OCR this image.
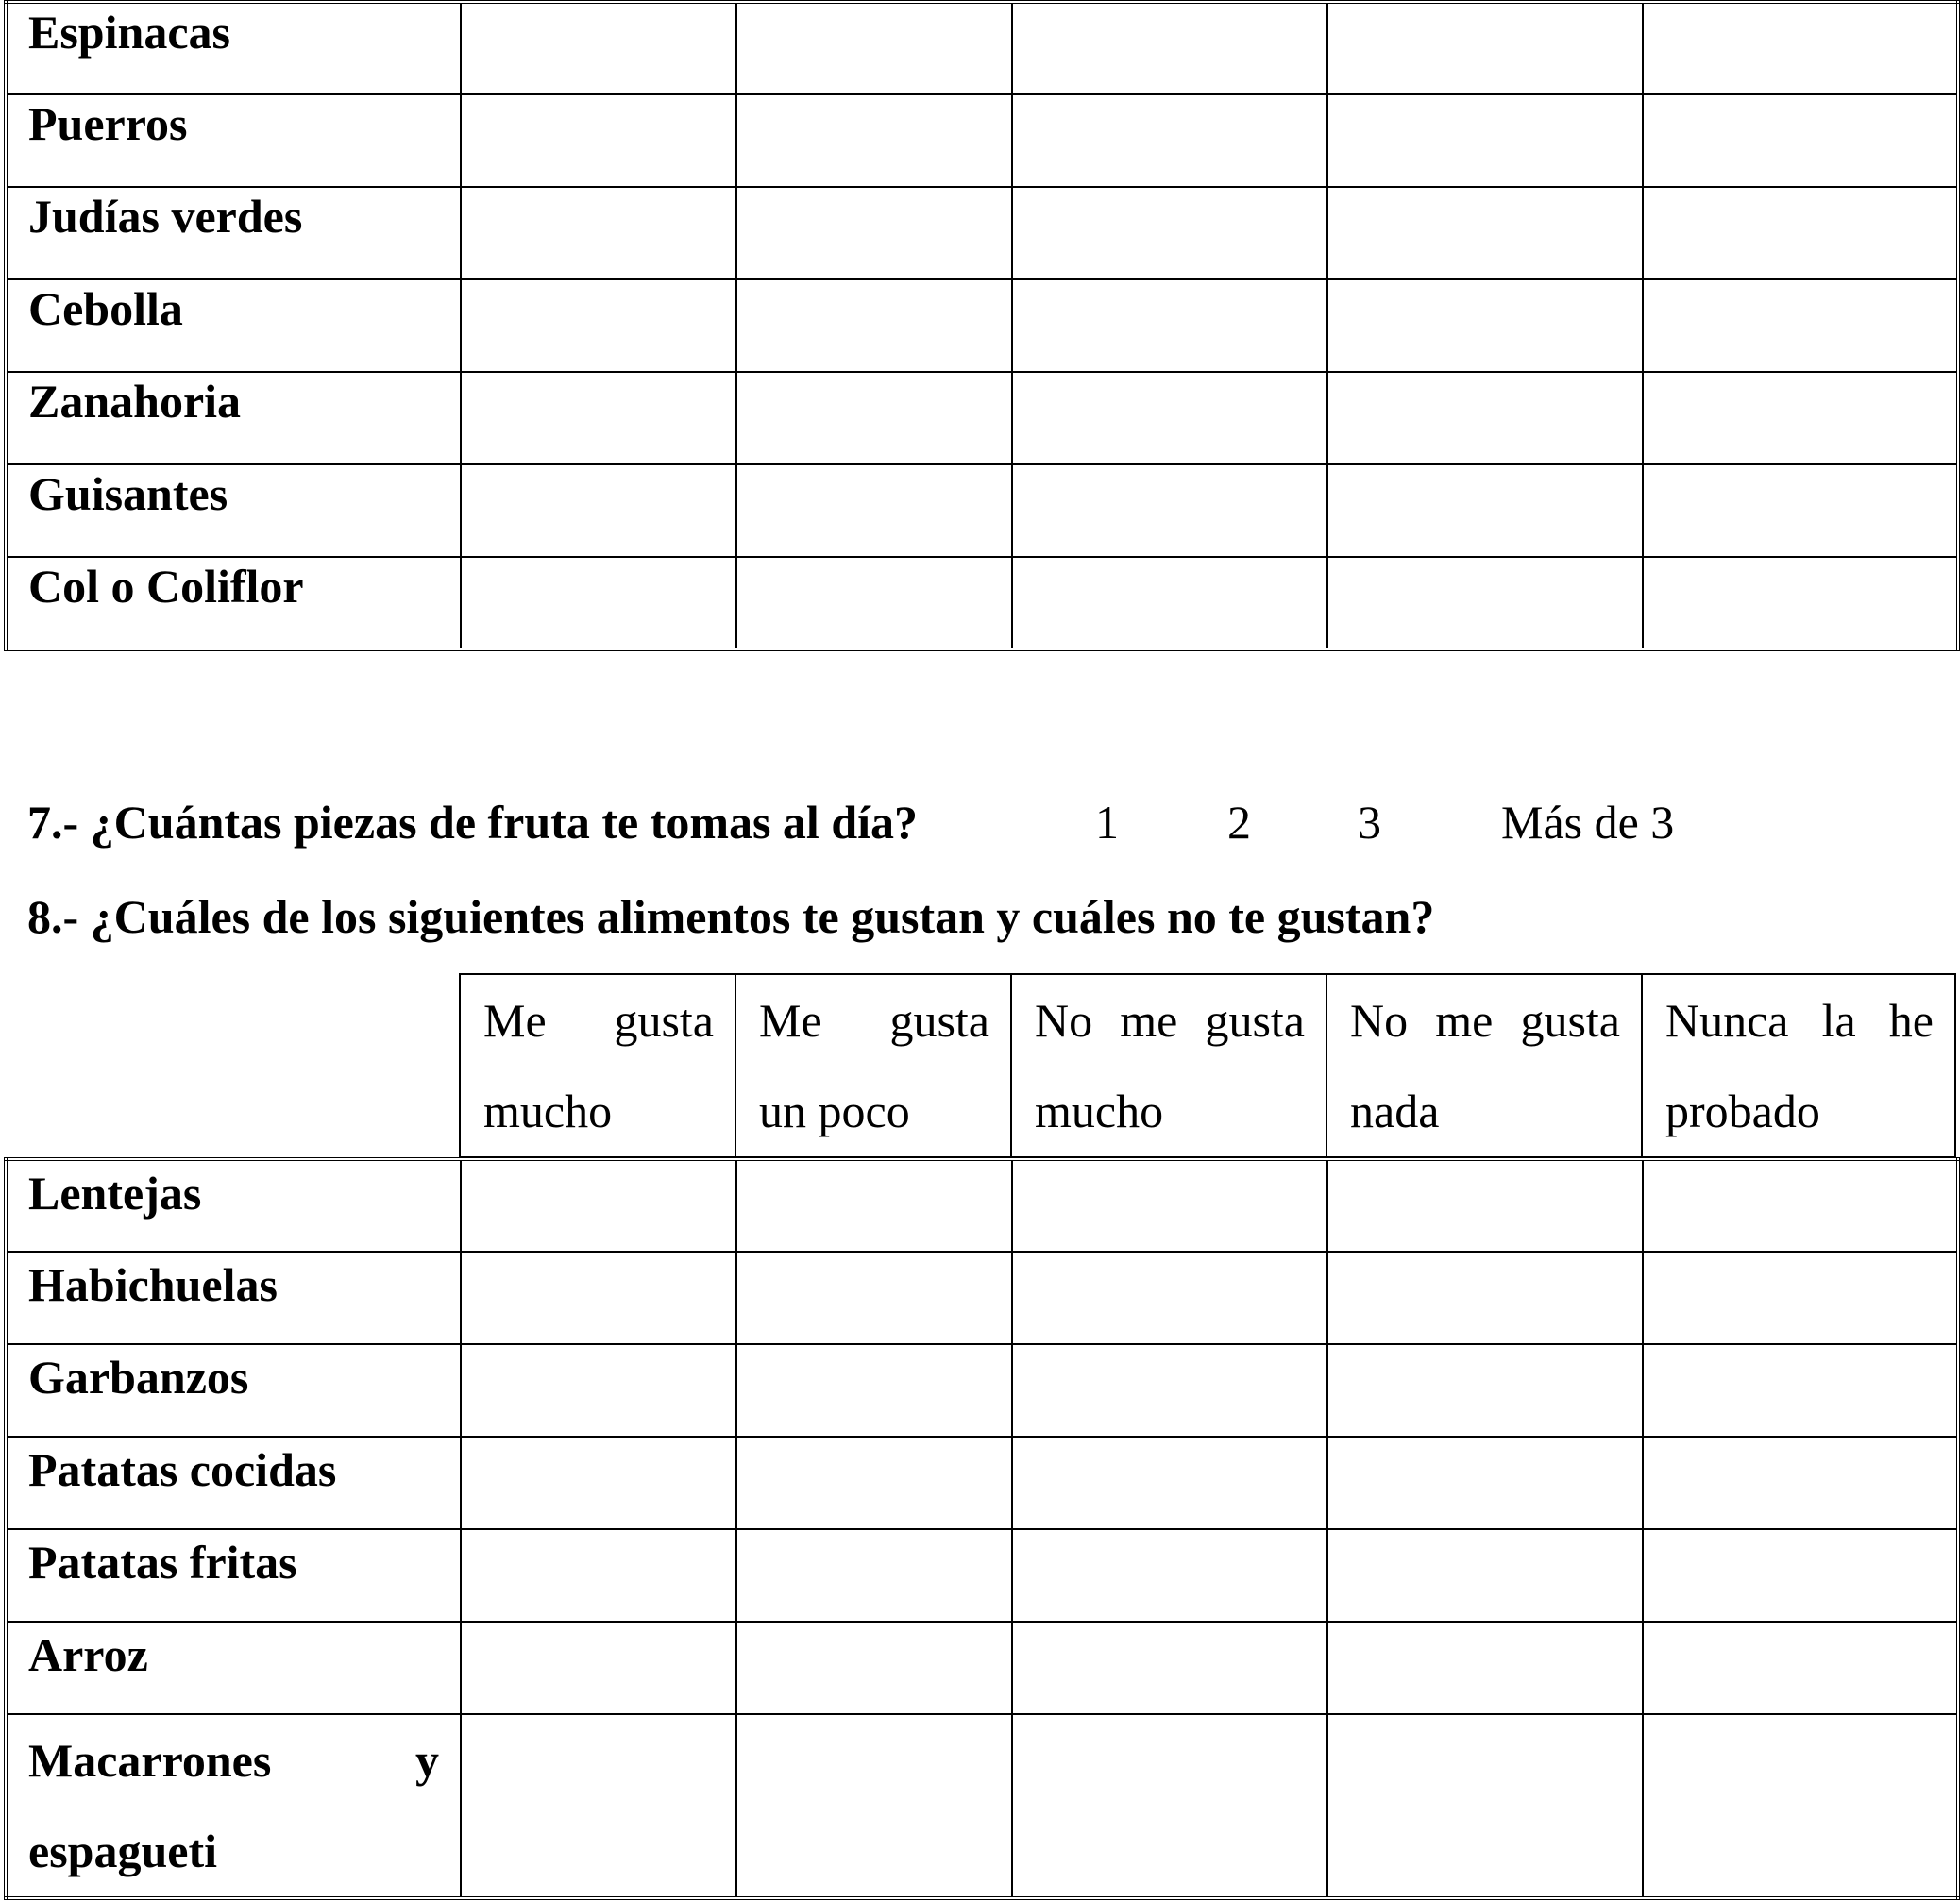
Espinacas					
Puerros					
Judías verdes					
Cebolla					
Zanahoria					
Guisantes					
Col o Coliflor					

7.- ¿Cuántas piezas de fruta te tomas al día?	1 2 3	Más de 3

8.- ¿Cuáles de los siguientes alimentos te gustan y cuáles no te gustan?

Me gusta mucho	Me gusta un poco	No me gusta mucho	No me gusta nada	Nunca la he probado
Lentejas					
Habichuelas					
Garbanzos					
Patatas cocidas					
Patatas fritas					
Arroz					
Macarrones y espagueti					
